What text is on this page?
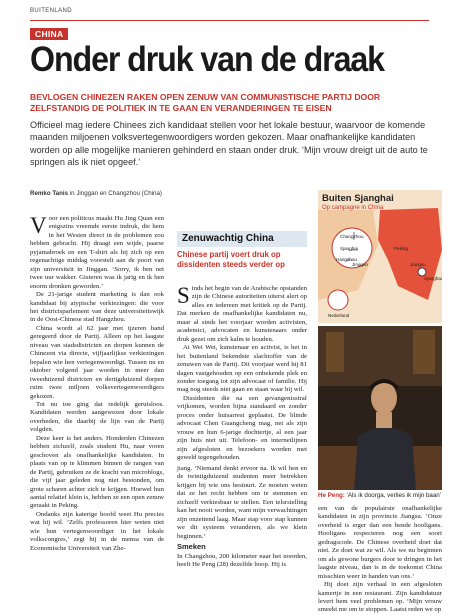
BUITENLAND
CHINA
Onder druk van de draak
BEVLOGEN CHINEZEN RAKEN OPEN ZENUW VAN COMMUNISTISCHE PARTIJ DOOR ZELFSTANDIG DE POLITIEK IN TE GAAN EN VERANDERINGEN TE EISEN
Officieel mag iedere Chinees zich kandidaat stellen voor het lokale bestuur, waarvoor de komende maanden miljoenen volksvertegenwoordigers worden gekozen. Maar onafhankelijke kandidaten worden op alle mogelijke manieren gehinderd en staan onder druk. ‘Mijn vrouw dreigt uit de auto te springen als ik niet opgeef.’
Remko Tanis in Jinggan en Changzhou (China)

Voor een politicus maakt Hu Jing Quan een enigszins vreemde eerste indruk, die hem in het Westen direct in de problemen zou hebben gebracht. Hij draagt een wijde, paarse pyjamabroek en een T-shirt als hij zich op een regenachtige middag voorstelt aan de poort van zijn universiteit in Jinggan. ‘Sorry, ik ben net twee uur wakker. Gisteren was ik jarig en ik ben enorm dronken geworden.’

De 21-jarige student marketing is dan ook kandidaat bij atypische verkiezingen: die voor het districtsparlement van deze universiteitswijk in de Oost-Chinese stad Hangzhou.

China wordt al 62 jaar met ijzeren hand geregeerd door de Partij. Alleen op het laagste niveau van stadsdistricten en dorpen kunnen de Chinezen via directe, vijfjaarlijkse verkiezingen bepalen wie hen vertegenwoordigt. Tussen nu en oktober volgend jaar worden in meer dan tweeduizend districten en dertigduizend dorpen ruim twee miljoen volksvertegenwoordigers gekozen.

Tot nu toe ging dat redelijk geruisloos. Kandidaten werden aangewezen door lokale overheden, die daarbij de lijn van de Partij volgden.

Deze keer is het anders. Honderden Chinezen hebben zichzelf, zoals student Hu, naar voren geschoven als onafhankelijke kandidaten. In plaats van op te klimmen binnen de rangen van de Partij, gebruiken ze de kracht van microblogs, die vijf jaar geleden nog niet bestonden, om grote scharen achter zich te krijgen. Hoewel hun aantal relatief klein is, hebben ze een open zenuw geraakt in Peking.

Ondanks zijn katerige hoofd weet Hu precies wat hij wil. ‘Zelfs professoren hier weten niet wie hun vertegenwoordiger in het lokale volkscongres,’ zegt hij in de mensa van de Economische Universiteit van Zhe-

Zenuwachtig China
Chinese partij voert druk op dissidenten steeds verder op

Sinds het begin van de Arabische opstanden zijn de Chinese autoriteiten uiterst alert op alles en iedereen met kritiek op de Partij. Dat merken de onafhankelijke kandidaten nu, maar al sinds het voorjaar worden activisten, academici, advocaten en kunstenaars onder druk gezet om zich kalm te houden.

Ai Wei Wei, kunstenaar en activist, is het in het buitenland bekendste slachtoffer van de zenuwen van de Partij. Dit voorjaar werd hij 81 dagen vastgehouden op een onbekende plek en zonder toegang tot zijn advocaat of familie. Hij mag nog steeds niet gaan en staan waar hij wil.

Dissidenten die na een gevangenisstraf vrijkomen, worden bijna standaard en zonder proces onder huisarrest geplaatst. De blinde advocaat Chen Guangcheng mag, net als zijn vrouw en hun 6-jarige dochtertje, al een jaar zijn huis niet uit. Telefoon- en internetlijnen zijn afgesloten en bezoekers worden met geweld tegengehouden.

jiang. ‘Niemand denkt ervoor na. Ik wil hen en de twintigduizend studenten meer betrekken krijgen bij wie ons bestuurt. Ze moeten weten dat ze het recht hebben om te stemmen en zichzelf verkiesbaar te stellen. Een telsrstelling kan het nooit worden, want mijn verwachtingen zijn onzettend laag. Maar stap voor stap kunnen we dit systeem veranderen, als we klein beginnen.’

Smeken

In Changzhou, 200 kilometer naar het noorden, heeft He Peng (28) dezelfde hoop. Hij is

Buiten Sjanghai
Op campagne in China
Changzhou
Sjanghai
Hangzhou
Jinggan
Peking
Jiangsu
Sjanghai
Nederland
He Peng: ‘Als ik doorga, verlies ik mijn baan’

een van de populairste onafhankelijke kandidaten in zijn provincie Jiangsu. ‘Onze overheid is erger dan een bende hooligans. Hooligans respecteren nog een soort gedragscode. De Chinese overheid doet dat niet. Ze doet wat ze wil. Als we nu beginnen om als gewone burgers door te dringen in het laagste niveau, dan is in de toekomst China misschien weer in handen van ons.’

Hij doet zijn verhaal in een afgesloten kamertje in een restaurant. Zijn kandidatuur levert hem veel problemen op. ‘Mijn vrouw smeekt me om te stoppen. Laatst reden we op
